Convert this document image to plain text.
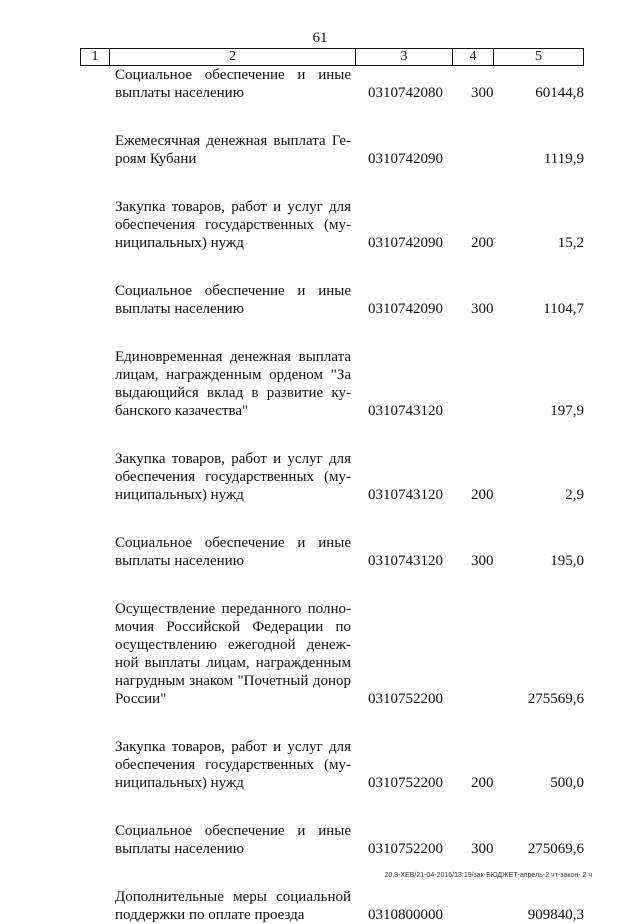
61
1	2	3	4	5
Социальное обеспечение и иные
выплаты населению	0310742080 300	60144,8
Ежемесячная денежная выплата Ге-
роям Кубани	0310742090	1119,9
Закупка товаров, работ и услуг для
обеспечения государственных (му-
ниципальных) нужд	0310742090 200	15,2
Социальное обеспечение и иные
выплаты населению	0310742090 300	1104,7
Единовременная денежная выплата
лицам, награжденным орденом "За
выдающийся вклад в развитие ку-
банского казачества"	0310743120	197,9
Закупка товаров, работ и услуг для
обеспечения государственных (му-
ниципальных) нужд	0310743120 200	2,9
Социальное обеспечение и иные
выплаты населению	0310743120 300	195,0
Осуществление переданного полно-
мочия Российской Федерации по
осуществлению ежегодной денеж-
ной выплаты лицам, награжденным
нагрудным знаком "Почетный донор
России"	0310752200	275569,6
Закупка товаров, работ и услуг для
обеспечения государственных (му-
ниципальных) нужд	0310752200 200	500,0
Социальное обеспечение и иные
выплаты населению	0310752200 300 275069,6
Дополнительные меры социальной
поддержки по оплате проезда	0310800000	909840,3
20.3-ХЕВ/21-04-2016/13:19/зак-БЮДЖЕТ-апрель-2 чт-закон- 2 ч
